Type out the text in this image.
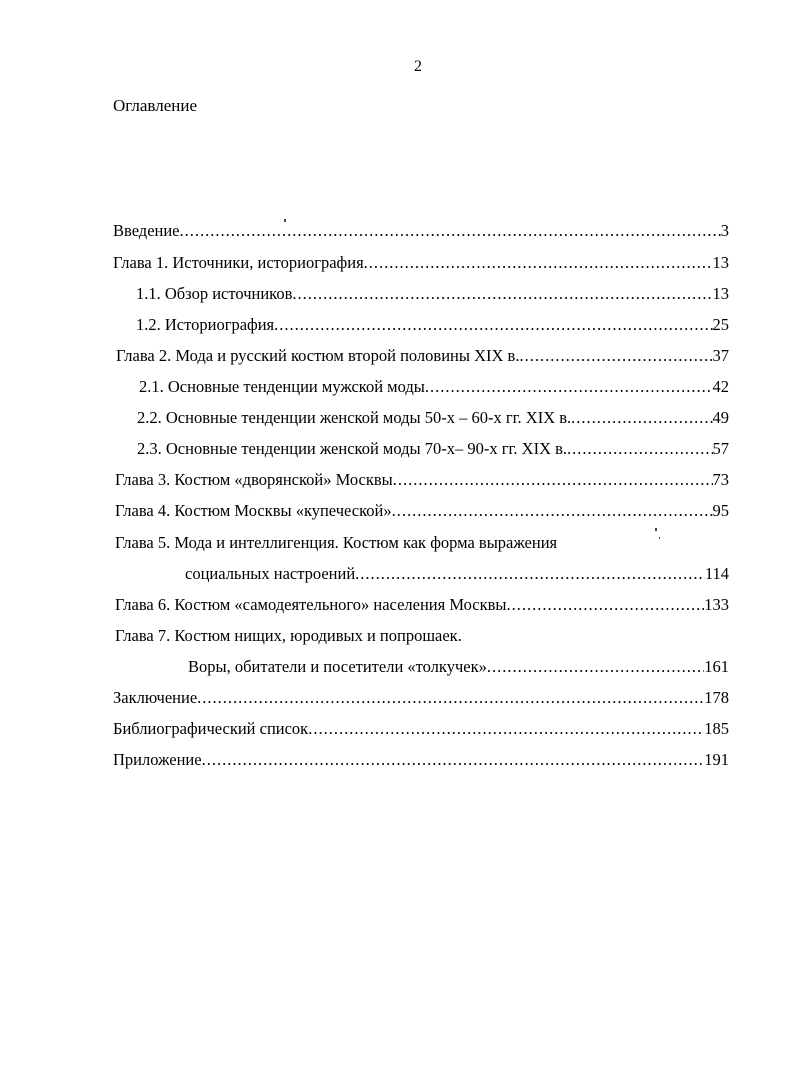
2
Оглавление
Введение .....	3
Глава 1. Источники, историография .....	13
1.1. Обзор источников .....	13
1.2. Историография .....	25
Глава 2. Мода и русский костюм второй половины XIX в. .....	37
2.1. Основные тенденции мужской моды .....	42
2.2. Основные тенденции женской моды 50-х – 60-х гг. XIX в. .....	49
2.3. Основные тенденции женской моды 70-х– 90-х гг. XIX в. .....	57
Глава 3. Костюм «дворянской» Москвы .....	73
Глава 4. Костюм Москвы «купеческой» .....	95
Глава 5. Мода и интеллигенция. Костюм как форма выражения
социальных настроений .....	114
Глава 6. Костюм «самодеятельного» населения Москвы .....	133
Глава 7. Костюм нищих, юродивых и попрошаек.
Воры, обитатели и посетители «толкучек» .....	161
Заключение .....	178
Библиографический список .....	185
Приложение .....	191
